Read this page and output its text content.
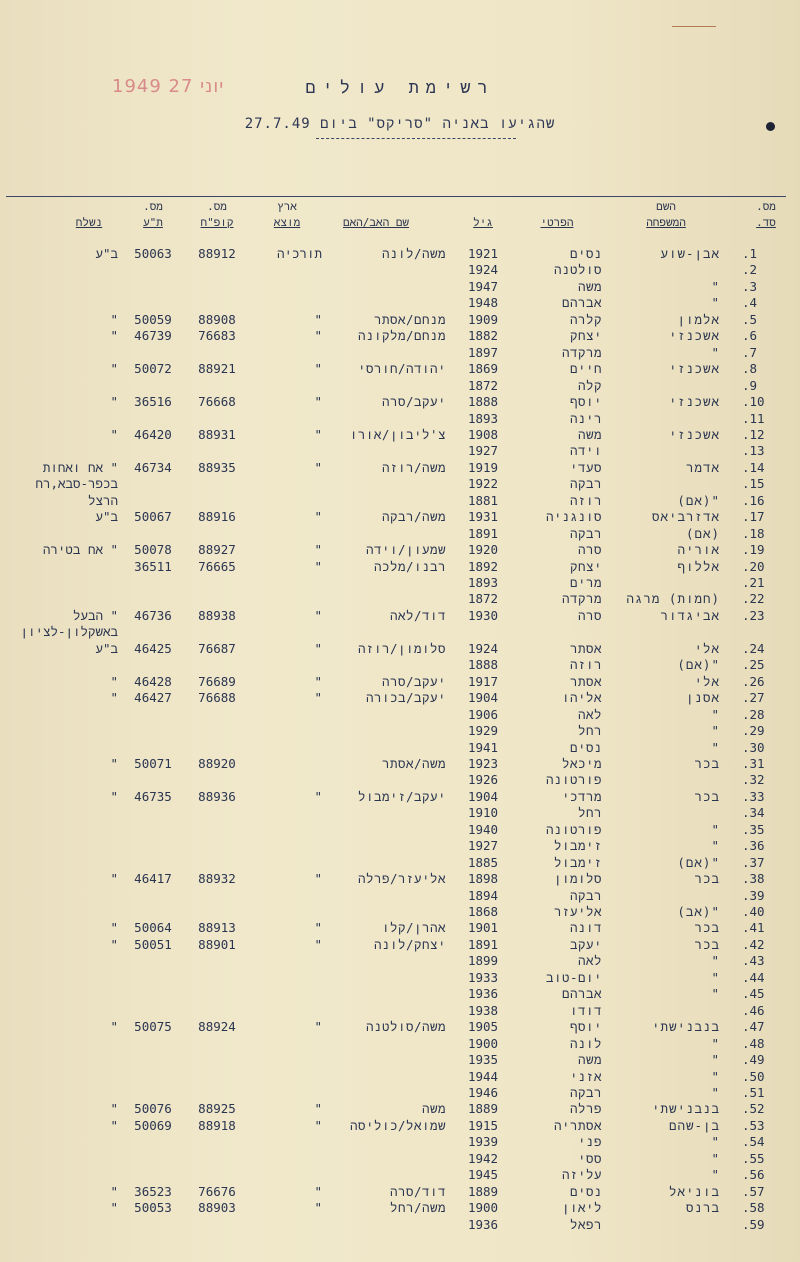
1949 יוני 27	רשימת עולים
שהגיעו באניה "סריקס" ביום 27.7.49
מס.
סד.
השם
המשפחה

הפרטי

גיל

שם האב/האם
ארץ
מוצא
מס.
קופ"ח
מס.
ת"ע

נשלח
.1
אבן-שוע
נסים
1921
משה/לונה
תורכיה
88912
50063
ב"ע
.2
סולטנה
1924
.3
"
משה
1947
.4
"
אברהם
1948
.5
אלמון
קלרה
1909
מנחם/אסתר
"
88908
50059
"
.6
אשכנזי
יצחק
1882
מנחם/מלקונה
"
76683
46739
"
.7
"
מרקדה
1897
.8
אשכנזי
חיים
1869
יהודה/חורסי
"
88921
50072
"
.9
קלה
1872
.10
אשכנזי
יוסף
1888
יעקב/סרה
"
76668
36516
"
.11
רינה
1893
.12
אשכנזי
משה
1908
צ'ליבון/אורו
"
88931
46420
"
.13
וידה
1927
.14
אדמר
סעדי
1919
משה/רוזה
"
88935
46734
" אח ואחות
.15
רבקה
1922
בכפר-סבא,רח
.16
"(אם)
רוזה
1881
הרצל
.17
אדזרביאס
סונגניה
1931
משה/רבקה
"
88916
50067
ב"ע
.18
(אם)
רבקה
1891
.19
אוריה
סרה
1920
שמעון/וידה
"
88927
50078
" אח בטירה
.20
אללוף
יצחק
1892
רבנו/מלכה
"
76665
36511
.21
מרים
1893
.22
(חמות) מרגה
מרקדה
1872
.23
אביגדור
סרה
1930
דוד/לאה
"
88938
46736
" הבעל
באשקלון-לציון
.24
אלי
אסתר
1924
סלומון/רוזה
"
76687
46425
ב"ע
.25
"(אם)
רוזה
1888
.26
אלי
אסתר
1917
יעקב/סרה
"
76689
46428
"
.27
אסנן
אליהו
1904
יעקב/בכורה
"
76688
46427
"
.28
"
לאה
1906
.29
"
רחל
1929
.30
"
נסים
1941
.31
בכר
מיכאל
1923
משה/אסתר
88920
50071
"
.32
פורטונה
1926
.33
בכר
מרדכי
1904
יעקב/זימבול
"
88936
46735
"
.34
רחל
1910
.35
"
פורטונה
1940
.36
"
זימבול
1927
.37
"(אם)
זימבול
1885
.38
בכר
סלומון
1898
אליעזר/פרלה
"
88932
46417
"
.39
רבקה
1894
.40
"(אב)
אליעזר
1868
.41
בכר
דונה
1901
אהרן/קלו
"
88913
50064
"
.42
בכר
יעקב
1891
יצחק/לונה
"
88901
50051
"
.43
"
לאה
1899
.44
"
יום-טוב
1933
.45
"
אברהם
1936
.46
דודו
1938
.47
בנבנישתי
יוסף
1905
משה/סולטנה
"
88924
50075
"
.48
"
לונה
1900
.49
"
משה
1935
.50
"
אזני
1944
.51
"
רבקה
1946
.52
בנבנישתי
פרלה
1889
משה
"
88925
50076
"
.53
בן-שהם
אסתריה
1915
שמואל/כוליסה
"
88918
50069
"
.54
"
פני
1939
.55
"
ססי
1942
.56
"
עליזה
1945
.57
בוניאל
נסים
1889
דוד/סרה
"
76676
36523
"
.58
ברנס
ליאון
1900
משה/רחל
"
88903
50053
"
.59
רפאל
1936
